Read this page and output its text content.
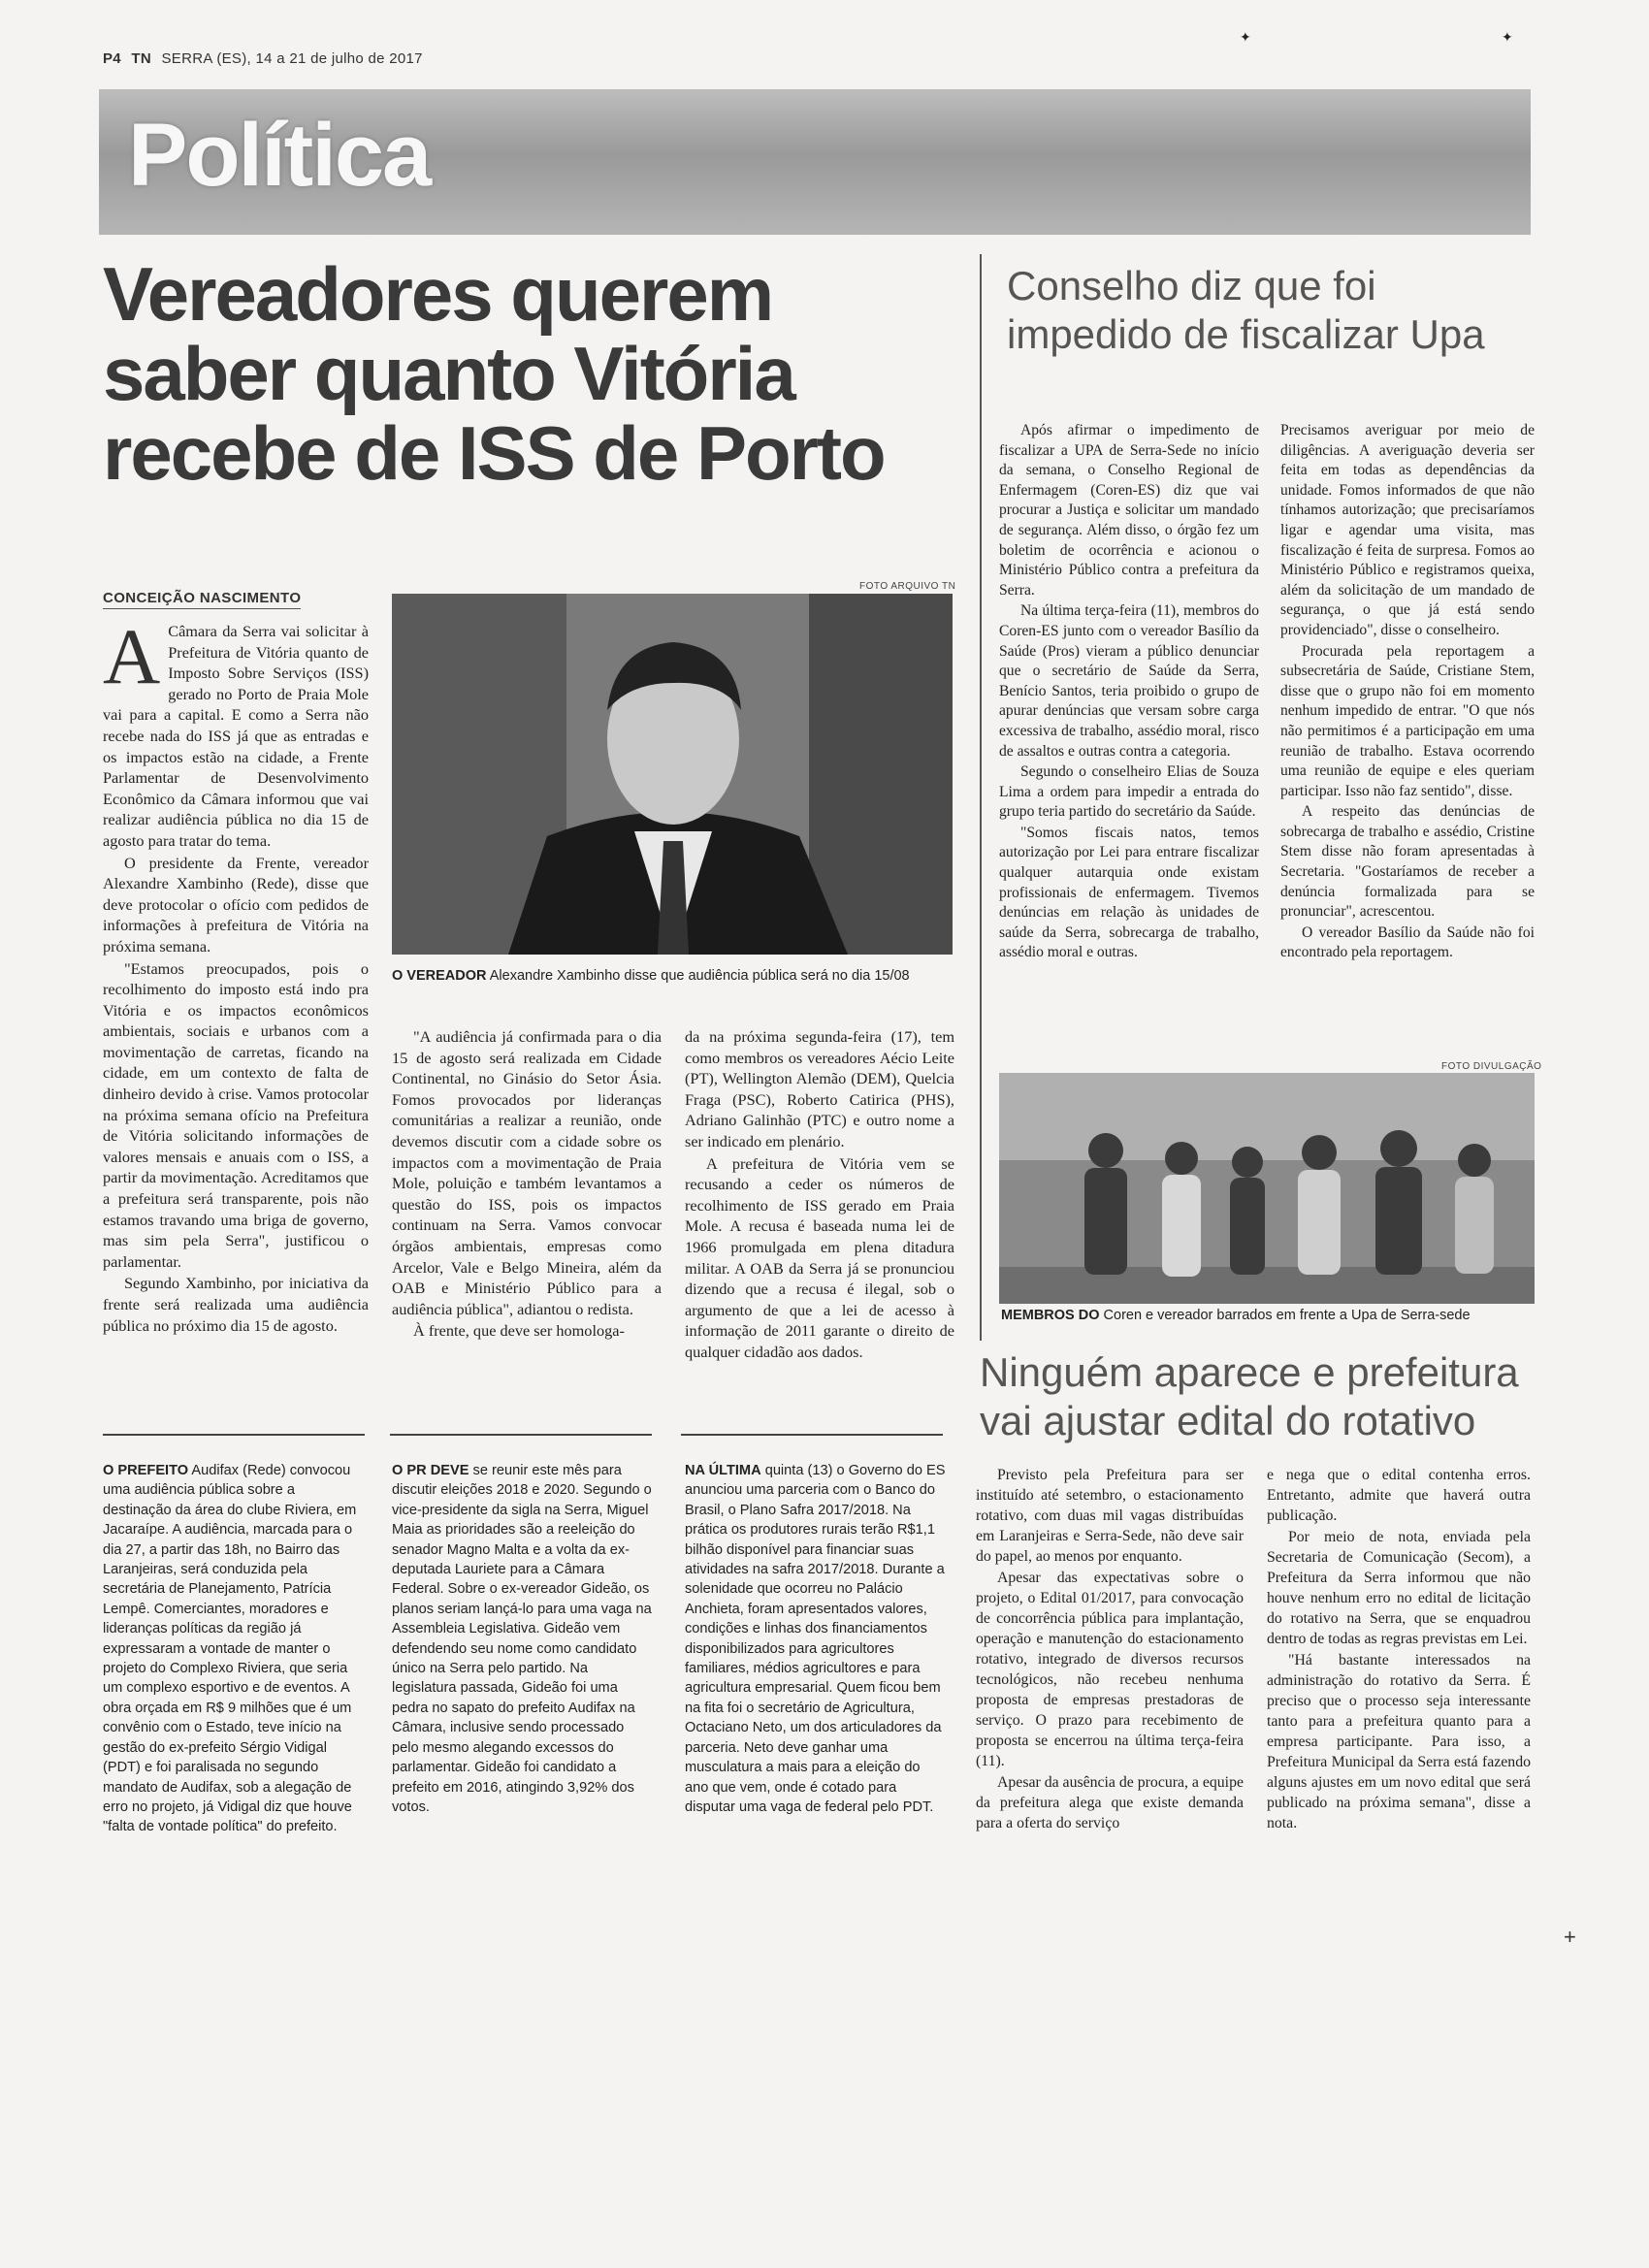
P4 TN SERRA (ES), 14 a 21 de julho de 2017
✦	✦
Política
Vereadores querem saber quanto Vitória recebe de ISS de Porto
CONCEIÇÃO NASCIMENTO

A Câmara da Serra vai solicitar à Prefeitura de Vitória quanto de Imposto Sobre Serviços (ISS) gerado no Porto de Praia Mole vai para a capital. E como a Serra não recebe nada do ISS já que as entradas e os impactos estão na cidade, a Frente Parlamentar de Desenvolvimento Econômico da Câmara informou que vai realizar audiência pública no dia 15 de agosto para tratar do tema.

O presidente da Frente, vereador Alexandre Xambinho (Rede), disse que deve protocolar o ofício com pedidos de informações à prefeitura de Vitória na próxima semana.

"Estamos preocupados, pois o recolhimento do imposto está indo pra Vitória e os impactos econômicos ambientais, sociais e urbanos com a movimentação de carretas, ficando na cidade, em um contexto de falta de dinheiro devido à crise. Vamos protocolar na próxima semana ofício na Prefeitura de Vitória solicitando informações de valores mensais e anuais com o ISS, a partir da movimentação. Acreditamos que a prefeitura será transparente, pois não estamos travando uma briga de governo, mas sim pela Serra", justificou o parlamentar.

Segundo Xambinho, por iniciativa da frente será realizada uma audiência pública no próximo dia 15 de agosto.

FOTO ARQUIVO TN
O VEREADOR Alexandre Xambinho disse que audiência pública será no dia 15/08

"A audiência já confirmada para o dia 15 de agosto será realizada em Cidade Continental, no Ginásio do Setor Ásia. Fomos provocados por lideranças comunitárias a realizar a reunião, onde devemos discutir com a cidade sobre os impactos com a movimentação de Praia Mole, poluição e também levantamos a questão do ISS, pois os impactos continuam na Serra. Vamos convocar órgãos ambientais, empresas como Arcelor, Vale e Belgo Mineira, além da OAB e Ministério Público para a audiência pública", adiantou o redista.

À frente, que deve ser homologa-

da na próxima segunda-feira (17), tem como membros os vereadores Aécio Leite (PT), Wellington Alemão (DEM), Quelcia Fraga (PSC), Roberto Catirica (PHS), Adriano Galinhão (PTC) e outro nome a ser indicado em plenário.

A prefeitura de Vitória vem se recusando a ceder os números de recolhimento de ISS gerado em Praia Mole. A recusa é baseada numa lei de 1966 promulgada em plena ditadura militar. A OAB da Serra já se pronunciou dizendo que a recusa é ilegal, sob o argumento de que a lei de acesso à informação de 2011 garante o direito de qualquer cidadão aos dados.

Conselho diz que foi impedido de fiscalizar Upa

Após afirmar o impedimento de fiscalizar a UPA de Serra-Sede no início da semana, o Conselho Regional de Enfermagem (Coren-ES) diz que vai procurar a Justiça e solicitar um mandado de segurança. Além disso, o órgão fez um boletim de ocorrência e acionou o Ministério Público contra a prefeitura da Serra.

Na última terça-feira (11), membros do Coren-ES junto com o vereador Basílio da Saúde (Pros) vieram a público denunciar que o secretário de Saúde da Serra, Benício Santos, teria proibido o grupo de apurar denúncias que versam sobre carga excessiva de trabalho, assédio moral, risco de assaltos e outras contra a categoria.

Segundo o conselheiro Elias de Souza Lima a ordem para impedir a entrada do grupo teria partido do secretário da Saúde.

"Somos fiscais natos, temos autorização por Lei para entrare fiscalizar qualquer autarquia onde existam profissionais de enfermagem. Tivemos denúncias em relação às unidades de saúde da Serra, sobrecarga de trabalho, assédio moral e outras.

Precisamos averiguar por meio de diligências. A averiguação deveria ser feita em todas as dependências da unidade. Fomos informados de que não tínhamos autorização; que precisaríamos ligar e agendar uma visita, mas fiscalização é feita de surpresa. Fomos ao Ministério Público e registramos queixa, além da solicitação de um mandado de segurança, o que já está sendo providenciado", disse o conselheiro.

Procurada pela reportagem a subsecretária de Saúde, Cristiane Stem, disse que o grupo não foi em momento nenhum impedido de entrar. "O que nós não permitimos é a participação em uma reunião de trabalho. Estava ocorrendo uma reunião de equipe e eles queriam participar. Isso não faz sentido", disse.

A respeito das denúncias de sobrecarga de trabalho e assédio, Cristine Stem disse não foram apresentadas à Secretaria. "Gostaríamos de receber a denúncia formalizada para se pronunciar", acrescentou.

O vereador Basílio da Saúde não foi encontrado pela reportagem.

FOTO DIVULGAÇÃO
MEMBROS DO Coren e vereador barrados em frente a Upa de Serra-sede
Ninguém aparece e prefeitura vai ajustar edital do rotativo

Previsto pela Prefeitura para ser instituído até setembro, o estacionamento rotativo, com duas mil vagas distribuídas em Laranjeiras e Serra-Sede, não deve sair do papel, ao menos por enquanto.

Apesar das expectativas sobre o projeto, o Edital 01/2017, para convocação de concorrência pública para implantação, operação e manutenção do estacionamento rotativo, integrado de diversos recursos tecnológicos, não recebeu nenhuma proposta de empresas prestadoras de serviço. O prazo para recebimento de proposta se encerrou na última terça-feira (11).

Apesar da ausência de procura, a equipe da prefeitura alega que existe demanda para a oferta do serviço

e nega que o edital contenha erros. Entretanto, admite que haverá outra publicação.

Por meio de nota, enviada pela Secretaria de Comunicação (Secom), a Prefeitura da Serra informou que não houve nenhum erro no edital de licitação do rotativo na Serra, que se enquadrou dentro de todas as regras previstas em Lei.

"Há bastante interessados na administração do rotativo da Serra. É preciso que o processo seja interessante tanto para a prefeitura quanto para a empresa participante. Para isso, a Prefeitura Municipal da Serra está fazendo alguns ajustes em um novo edital que será publicado na próxima semana", disse a nota.

O PREFEITO Audifax (Rede) convocou uma audiência pública sobre a destinação da área do clube Riviera, em Jacaraípe. A audiência, marcada para o dia 27, a partir das 18h, no Bairro das Laranjeiras, será conduzida pela secretária de Planejamento, Patrícia Lempê. Comerciantes, moradores e lideranças políticas da região já expressaram a vontade de manter o projeto do Complexo Riviera, que seria um complexo esportivo e de eventos. A obra orçada em R$ 9 milhões que é um convênio com o Estado, teve início na gestão do ex-prefeito Sérgio Vidigal (PDT) e foi paralisada no segundo mandato de Audifax, sob a alegação de erro no projeto, já Vidigal diz que houve "falta de vontade política" do prefeito.
O PR DEVE se reunir este mês para discutir eleições 2018 e 2020. Segundo o vice-presidente da sigla na Serra, Miguel Maia as prioridades são a reeleição do senador Magno Malta e a volta da ex-deputada Lauriete para a Câmara Federal. Sobre o ex-vereador Gideão, os planos seriam lançá-lo para uma vaga na Assembleia Legislativa. Gideão vem defendendo seu nome como candidato único na Serra pelo partido. Na legislatura passada, Gideão foi uma pedra no sapato do prefeito Audifax na Câmara, inclusive sendo processado pelo mesmo alegando excessos do parlamentar. Gideão foi candidato a prefeito em 2016, atingindo 3,92% dos votos.
NA ÚLTIMA quinta (13) o Governo do ES anunciou uma parceria com o Banco do Brasil, o Plano Safra 2017/2018. Na prática os produtores rurais terão R$1,1 bilhão disponível para financiar suas atividades na safra 2017/2018. Durante a solenidade que ocorreu no Palácio Anchieta, foram apresentados valores, condições e linhas dos financiamentos disponibilizados para agricultores familiares, médios agricultores e para agricultura empresarial. Quem ficou bem na fita foi o secretário de Agricultura, Octaciano Neto, um dos articuladores da parceria. Neto deve ganhar uma musculatura a mais para a eleição do ano que vem, onde é cotado para disputar uma vaga de federal pelo PDT.
+
